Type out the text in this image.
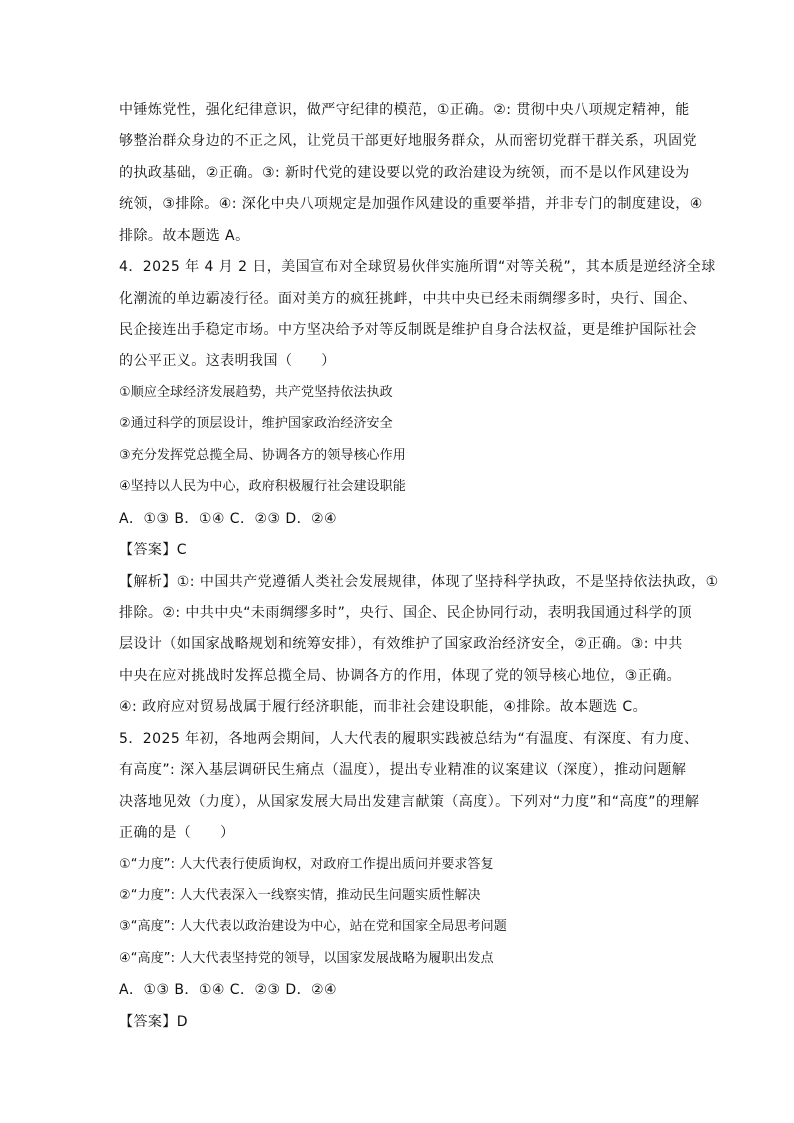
中锤炼党性，强化纪律意识，做严守纪律的模范，①正确。②: 贯彻中央八项规定精神，能
够整治群众身边的不正之风，让党员干部更好地服务群众，从而密切党群干群关系，巩固党
的执政基础，②正确。③: 新时代党的建设要以党的政治建设为统领，而不是以作风建设为
统领，③排除。④: 深化中央八项规定是加强作风建设的重要举措，并非专门的制度建设，④
排除。故本题选 A。
4．2025 年 4 月 2 日，美国宣布对全球贸易伙伴实施所谓“对等关税”，其本质是逆经济全球
化潮流的单边霸凌行径。面对美方的疯狂挑衅，中共中央已经未雨绸缪多时，央行、国企、
民企接连出手稳定市场。中方坚决给予对等反制既是维护自身合法权益，更是维护国际社会
的公平正义。这表明我国（　　）
①顺应全球经济发展趋势，共产党坚持依法执政
②通过科学的顶层设计，维护国家政治经济安全
③充分发挥党总揽全局、协调各方的领导核心作用
④坚持以人民为中心，政府积极履行社会建设职能
A．①③ B．①④ C．②③ D．②④
【答案】C
【解析】①: 中国共产党遵循人类社会发展规律，体现了坚持科学执政，不是坚持依法执政，①
排除。②: 中共中央“未雨绸缪多时”，央行、国企、民企协同行动，表明我国通过科学的顶
层设计（如国家战略规划和统筹安排），有效维护了国家政治经济安全，②正确。③: 中共
中央在应对挑战时发挥总揽全局、协调各方的作用，体现了党的领导核心地位，③正确。
④: 政府应对贸易战属于履行经济职能，而非社会建设职能，④排除。故本题选 C。
5．2025 年初，各地两会期间，人大代表的履职实践被总结为“有温度、有深度、有力度、
有高度”: 深入基层调研民生痛点（温度），提出专业精准的议案建议（深度），推动问题解
决落地见效（力度），从国家发展大局出发建言献策（高度）。下列对“力度”和“高度”的理解
正确的是（　　）
①“力度”: 人大代表行使质询权，对政府工作提出质问并要求答复
②“力度”: 人大代表深入一线察实情，推动民生问题实质性解决
③“高度”: 人大代表以政治建设为中心，站在党和国家全局思考问题
④“高度”: 人大代表坚持党的领导，以国家发展战略为履职出发点
A．①③ B．①④ C．②③ D．②④
【答案】D
